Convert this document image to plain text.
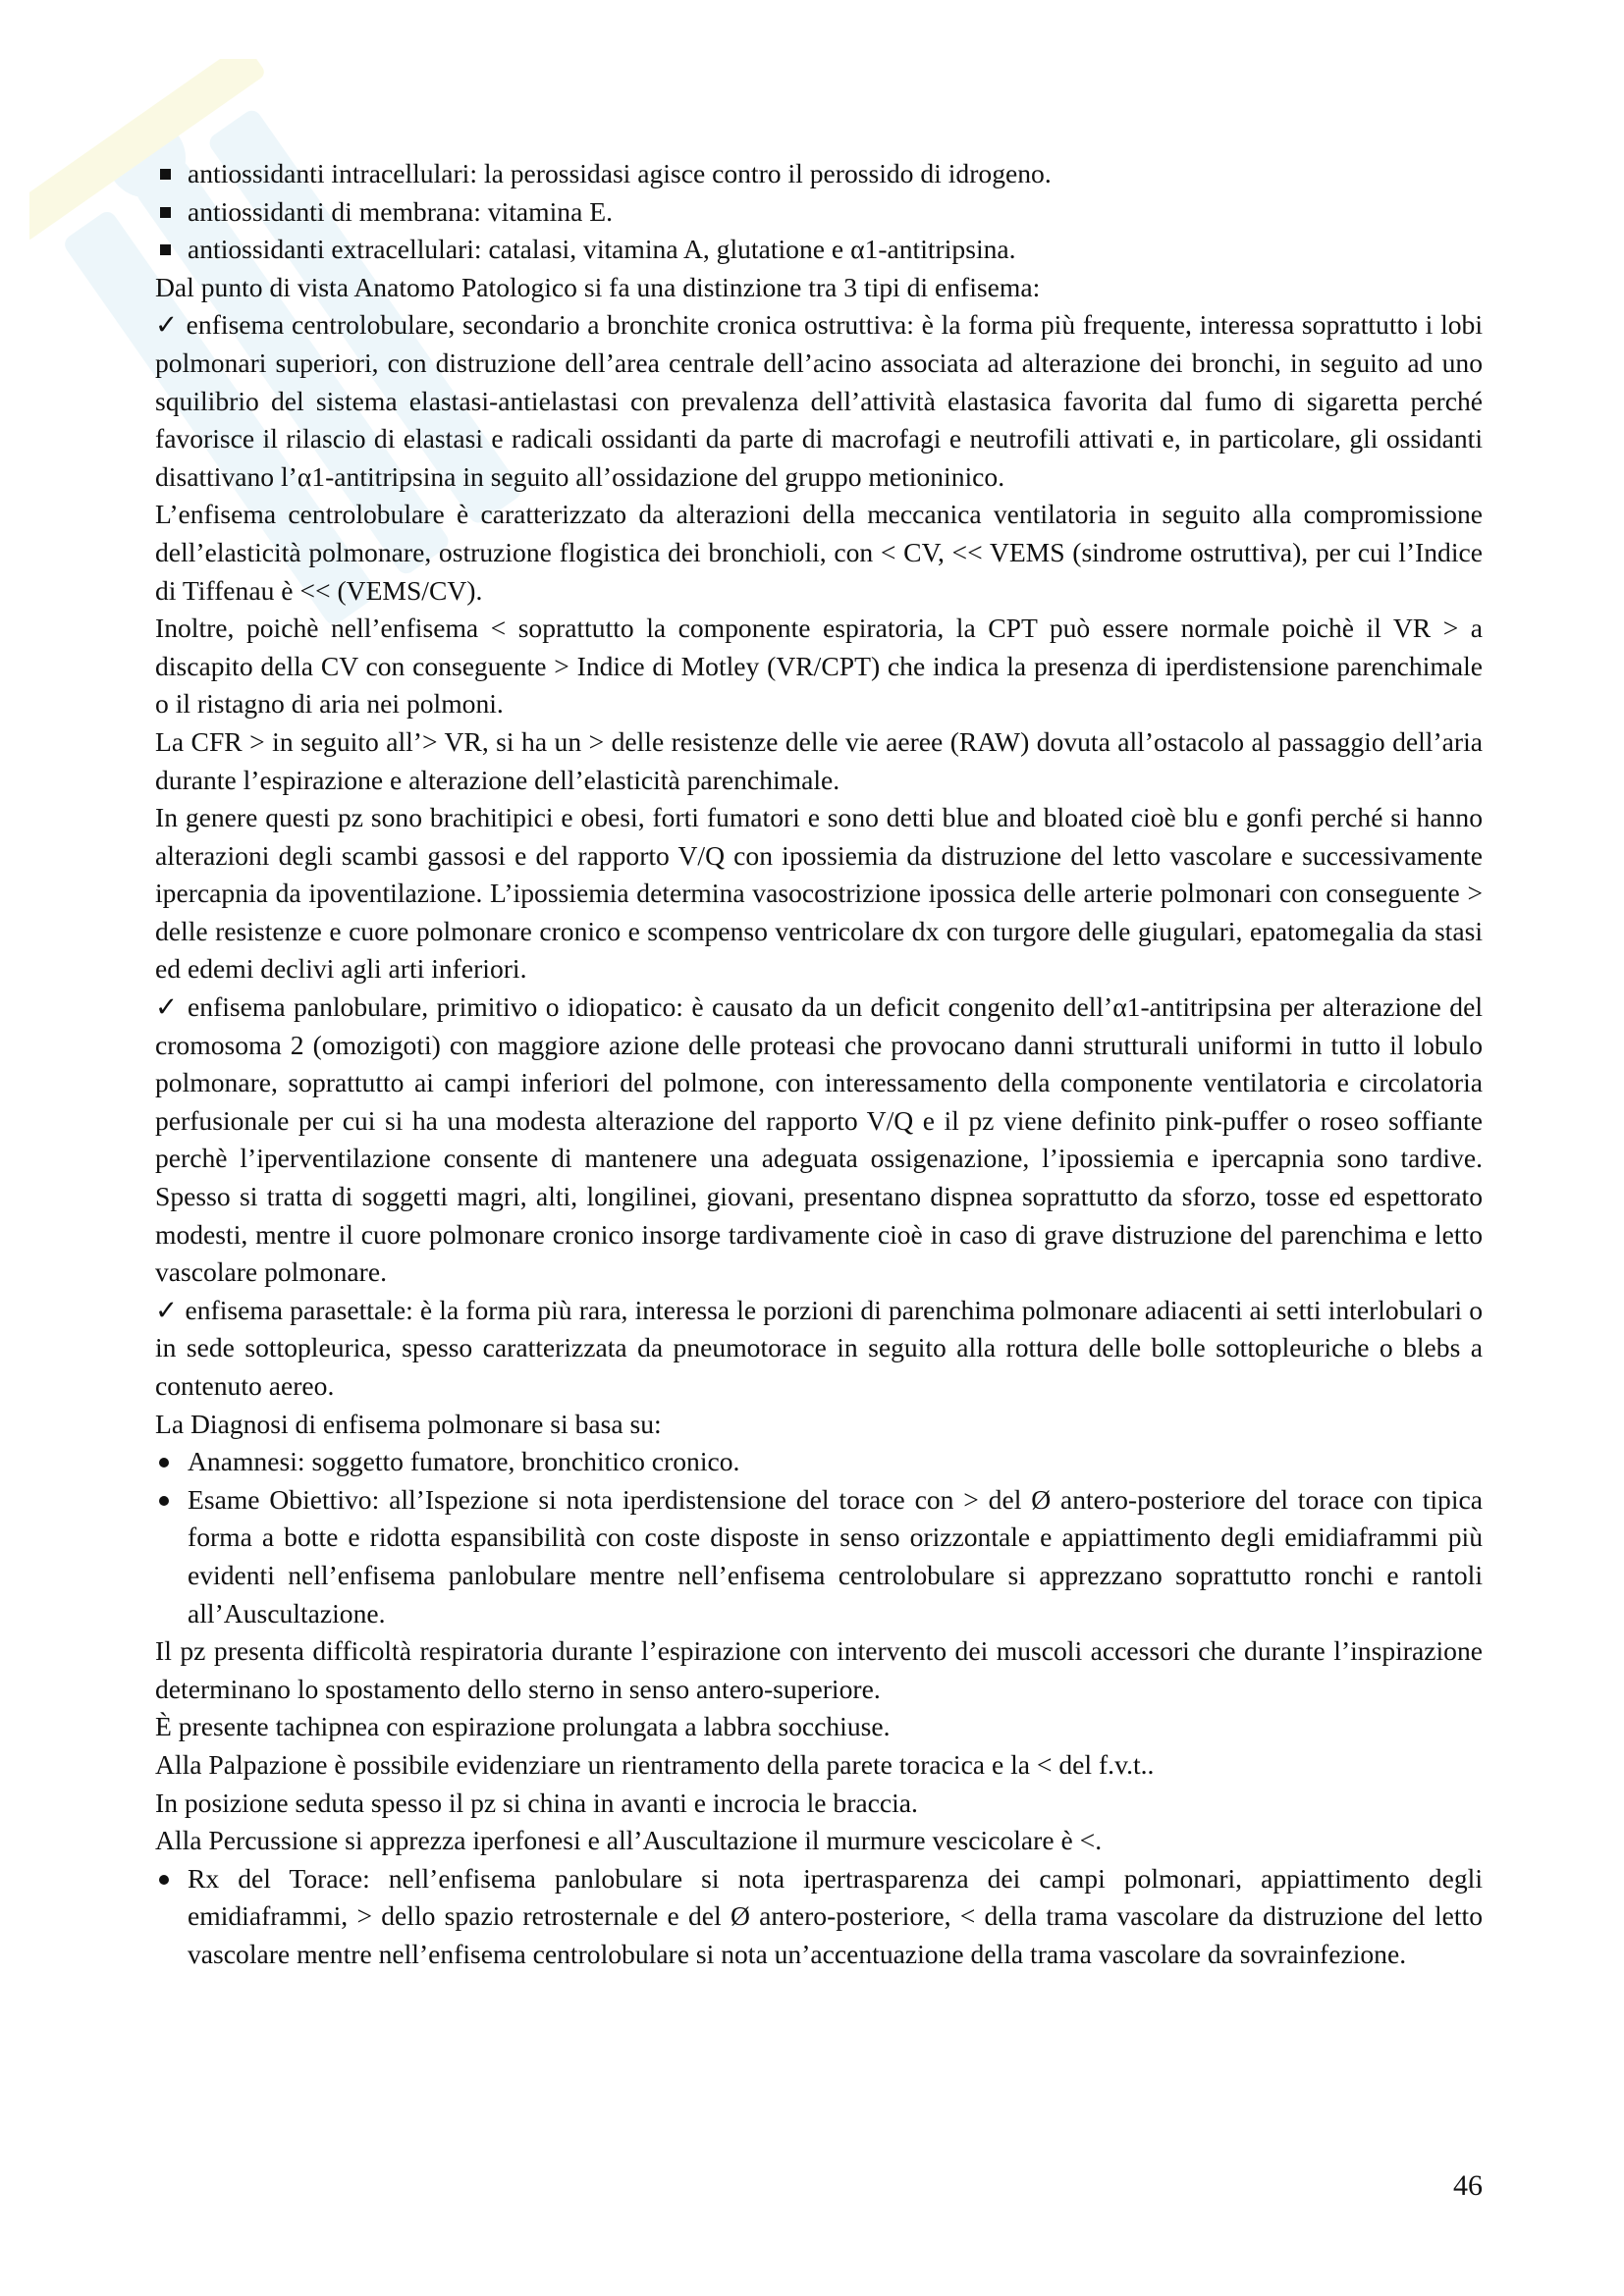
antiossidanti intracellulari: la perossidasi agisce contro il perossido di idrogeno.

antiossidanti di membrana: vitamina E.

antiossidanti extracellulari: catalasi, vitamina A, glutatione e α1-antitripsina.

Dal punto di vista Anatomo Patologico si fa una distinzione tra 3 tipi di enfisema:

✓ enfisema centrolobulare, secondario a bronchite cronica ostruttiva: è la forma più frequente, interessa soprattutto i lobi polmonari superiori, con distruzione dell’area centrale dell’acino associata ad alterazione dei bronchi, in seguito ad uno squilibrio del sistema elastasi-antielastasi con prevalenza dell’attività elastasica favorita dal fumo di sigaretta perché favorisce il rilascio di elastasi e radicali ossidanti da parte di macrofagi e neutrofili attivati e, in particolare, gli ossidanti disattivano l’α1-antitripsina in seguito all’ossidazione del gruppo metioninico.

L’enfisema centrolobulare è caratterizzato da alterazioni della meccanica ventilatoria in seguito alla compromissione dell’elasticità polmonare, ostruzione flogistica dei bronchioli, con < CV, << VEMS (sindrome ostruttiva), per cui l’Indice di Tiffenau è << (VEMS/CV).

Inoltre, poichè nell’enfisema < soprattutto la componente espiratoria, la CPT può essere normale poichè il VR > a discapito della CV con conseguente > Indice di Motley (VR/CPT) che indica la presenza di iperdistensione parenchimale o il ristagno di aria nei polmoni.

La CFR > in seguito all’> VR, si ha un > delle resistenze delle vie aeree (RAW) dovuta all’ostacolo al passaggio dell’aria durante l’espirazione e alterazione dell’elasticità parenchimale.

In genere questi pz sono brachitipici e obesi, forti fumatori e sono detti blue and bloated cioè blu e gonfi perché si hanno alterazioni degli scambi gassosi e del rapporto V/Q con ipossiemia da distruzione del letto vascolare e successivamente ipercapnia da ipoventilazione. L’ipossiemia determina vasocostrizione ipossica delle arterie polmonari con conseguente > delle resistenze e cuore polmonare cronico e scompenso ventricolare dx con turgore delle giugulari, epatomegalia da stasi ed edemi declivi agli arti inferiori.

✓ enfisema panlobulare, primitivo o idiopatico: è causato da un deficit congenito dell’α1-antitripsina per alterazione del cromosoma 2 (omozigoti) con maggiore azione delle proteasi che provocano danni strutturali uniformi in tutto il lobulo polmonare, soprattutto ai campi inferiori del polmone, con interessamento della componente ventilatoria e circolatoria perfusionale per cui si ha una modesta alterazione del rapporto V/Q e il pz viene definito pink-puffer o roseo soffiante perchè l’iperventilazione consente di mantenere una adeguata ossigenazione, l’ipossiemia e ipercapnia sono tardive. Spesso si tratta di soggetti magri, alti, longilinei, giovani, presentano dispnea soprattutto da sforzo, tosse ed espettorato modesti, mentre il cuore polmonare cronico insorge tardivamente cioè in caso di grave distruzione del parenchima e letto vascolare polmonare.

✓ enfisema parasettale: è la forma più rara, interessa le porzioni di parenchima polmonare adiacenti ai setti interlobulari o in sede sottopleurica, spesso caratterizzata da pneumotorace in seguito alla rottura delle bolle sottopleuriche o blebs a contenuto aereo.

La Diagnosi di enfisema polmonare si basa su:

Anamnesi: soggetto fumatore, bronchitico cronico.

Esame Obiettivo: all’Ispezione si nota iperdistensione del torace con > del Ø antero-posteriore del torace con tipica forma a botte e ridotta espansibilità con coste disposte in senso orizzontale e appiattimento degli emidiaframmi più evidenti nell’enfisema panlobulare mentre nell’enfisema centrolobulare si apprezzano soprattutto ronchi e rantoli all’Auscultazione.

Il pz presenta difficoltà respiratoria durante l’espirazione con intervento dei muscoli accessori che durante l’inspirazione determinano lo spostamento dello sterno in senso antero-superiore.

È presente tachipnea con espirazione prolungata a labbra socchiuse.

Alla Palpazione è possibile evidenziare un rientramento della parete toracica e la < del f.v.t..

In posizione seduta spesso il pz si china in avanti e incrocia le braccia.

Alla Percussione si apprezza iperfonesi e all’Auscultazione il murmure vescicolare è <.

Rx del Torace: nell’enfisema panlobulare si nota ipertrasparenza dei campi polmonari, appiattimento degli emidiaframmi, > dello spazio retrosternale e del Ø antero-posteriore, < della trama vascolare da distruzione del letto vascolare mentre nell’enfisema centrolobulare si nota un’accentuazione della trama vascolare da sovrainfezione.

46
